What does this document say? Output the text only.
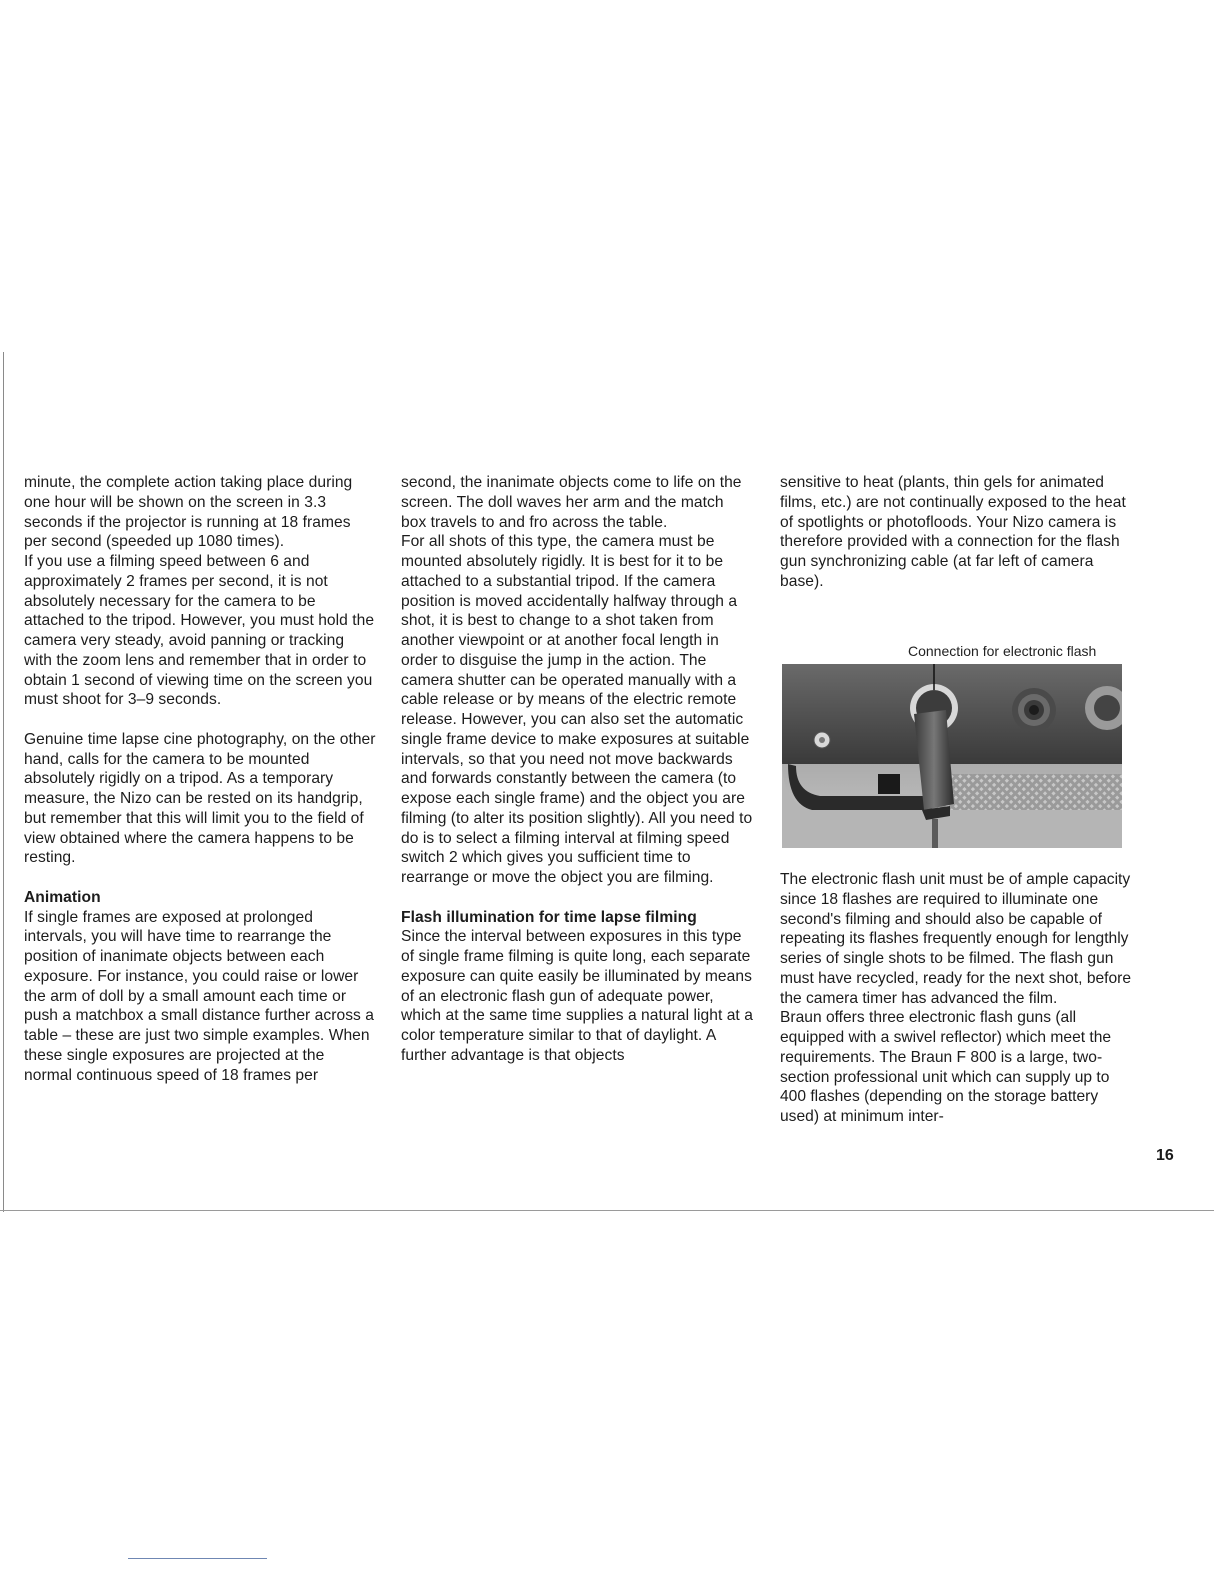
minute, the complete action taking place during one hour will be shown on the screen in 3.3 seconds if the projector is running at 18 frames per second (speeded up 1080 times).

If you use a filming speed between 6 and approximately 2 frames per second, it is not absolutely necessary for the camera to be attached to the tripod. However, you must hold the camera very steady, avoid panning or tracking with the zoom lens and remember that in order to obtain 1 second of viewing time on the screen you must shoot for 3–9 seconds.

Genuine time lapse cine photography, on the other hand, calls for the camera to be mounted absolutely rigidly on a tripod. As a temporary measure, the Nizo can be rested on its handgrip, but remember that this will limit you to the field of view obtained where the camera happens to be resting.

Animation

If single frames are exposed at prolonged intervals, you will have time to rearrange the position of inanimate objects between each exposure. For instance, you could raise or lower the arm of doll by a small amount each time or push a matchbox a small distance further across a table – these are just two simple examples. When these single exposures are projected at the normal continuous speed of 18 frames per

second, the inanimate objects come to life on the screen. The doll waves her arm and the match box travels to and fro across the table.

For all shots of this type, the camera must be mounted absolutely rigidly. It is best for it to be attached to a substantial tripod. If the camera position is moved accidentally halfway through a shot, it is best to change to a shot taken from another viewpoint or at another focal length in order to disguise the jump in the action. The camera shutter can be operated manually with a cable release or by means of the electric remote release. However, you can also set the automatic single frame device to make exposures at suitable intervals, so that you need not move backwards and forwards constantly between the camera (to expose each single frame) and the object you are filming (to alter its position slightly). All you need to do is to select a filming interval at filming speed switch 2 which gives you sufficient time to rearrange or move the object you are filming.

Flash illumination for time lapse filming

Since the interval between exposures in this type of single frame filming is quite long, each separate exposure can quite easily be illuminated by means of an electronic flash gun of adequate power, which at the same time supplies a natural light at a color temperature similar to that of daylight. A further advantage is that objects

sensitive to heat (plants, thin gels for animated films, etc.) are not continually exposed to the heat of spotlights or photofloods. Your Nizo camera is therefore provided with a connection for the flash gun synchronizing cable (at far left of camera base).

Connection for electronic flash

The electronic flash unit must be of ample capacity since 18 flashes are required to illuminate one second's filming and should also be capable of repeating its flashes frequently enough for lengthly series of single shots to be filmed. The flash gun must have recycled, ready for the next shot, before the camera timer has advanced the film.

Braun offers three electronic flash guns (all equipped with a swivel reflector) which meet the requirements. The Braun F 800 is a large, two-section professional unit which can supply up to 400 flashes (depending on the storage battery used) at minimum inter-

16
